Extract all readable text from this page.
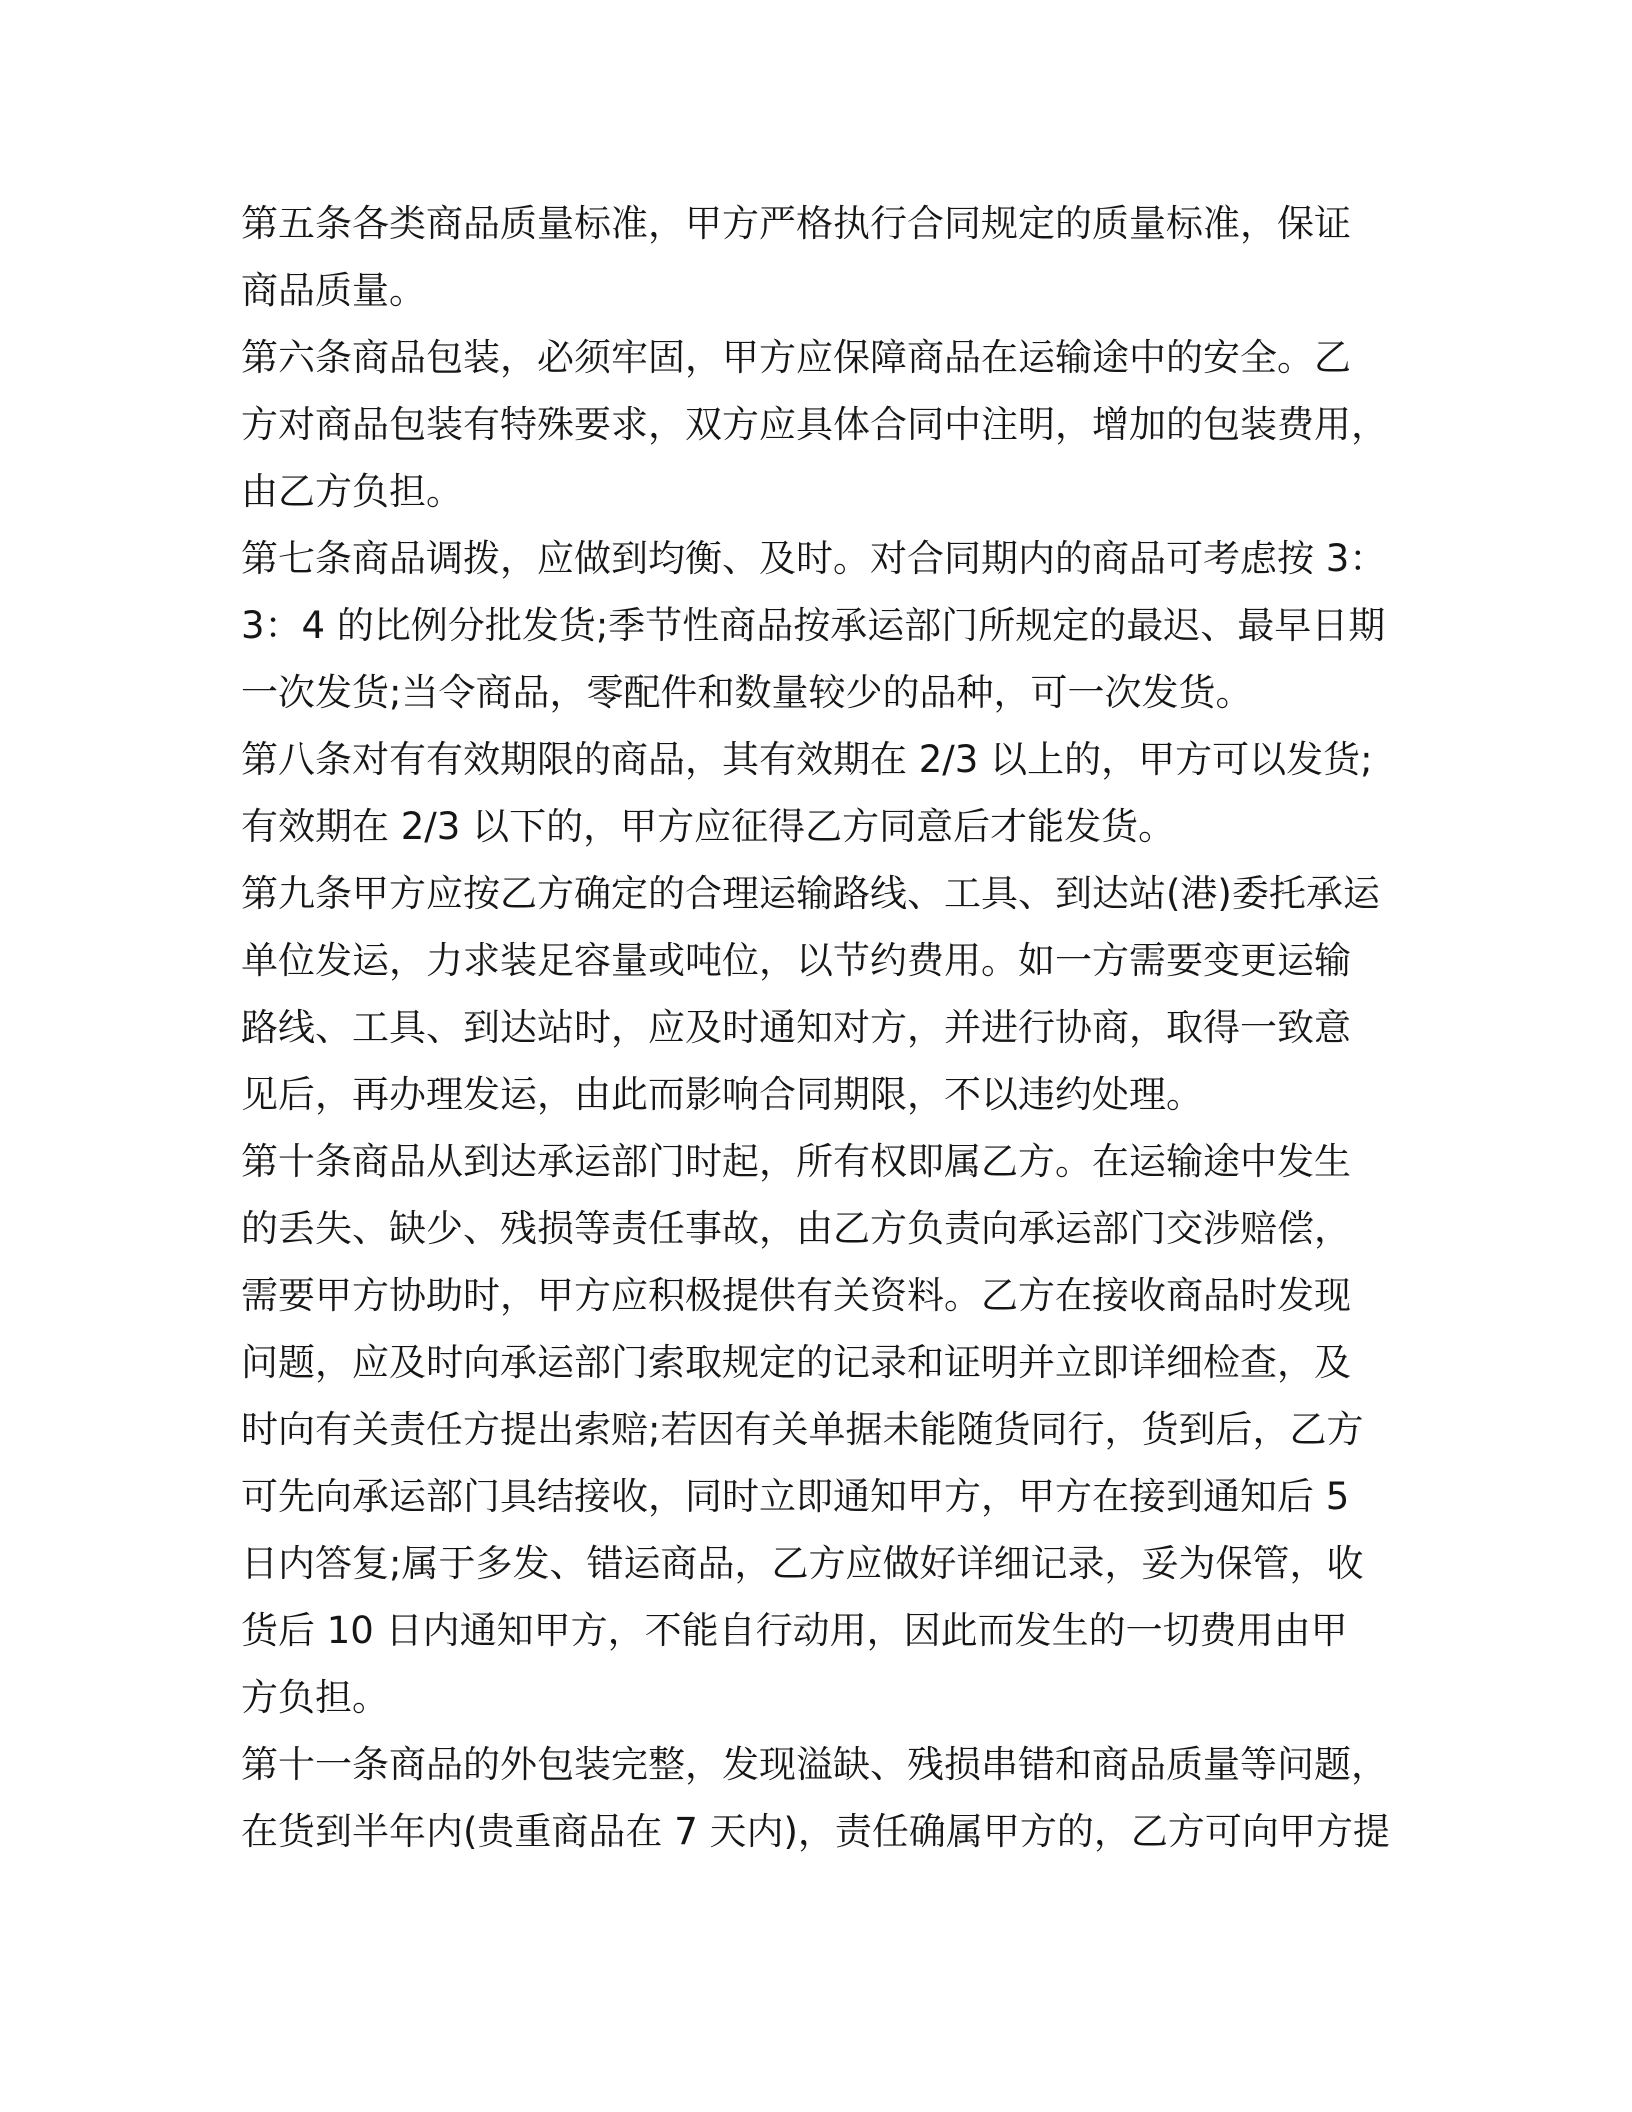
第五条各类商品质量标准，甲方严格执行合同规定的质量标准，保证
商品质量。
第六条商品包装，必须牢固，甲方应保障商品在运输途中的安全。乙
方对商品包装有特殊要求，双方应具体合同中注明，增加的包装费用，
由乙方负担。
第七条商品调拨，应做到均衡、及时。对合同期内的商品可考虑按 3：
3：4 的比例分批发货;季节性商品按承运部门所规定的最迟、最早日期
一次发货;当令商品，零配件和数量较少的品种，可一次发货。
第八条对有有效期限的商品，其有效期在 2/3 以上的，甲方可以发货;
有效期在 2/3 以下的，甲方应征得乙方同意后才能发货。
第九条甲方应按乙方确定的合理运输路线、工具、到达站(港)委托承运
单位发运，力求装足容量或吨位，以节约费用。如一方需要变更运输
路线、工具、到达站时，应及时通知对方，并进行协商，取得一致意
见后，再办理发运，由此而影响合同期限，不以违约处理。
第十条商品从到达承运部门时起，所有权即属乙方。在运输途中发生
的丢失、缺少、残损等责任事故，由乙方负责向承运部门交涉赔偿，
需要甲方协助时，甲方应积极提供有关资料。乙方在接收商品时发现
问题，应及时向承运部门索取规定的记录和证明并立即详细检查，及
时向有关责任方提出索赔;若因有关单据未能随货同行，货到后，乙方
可先向承运部门具结接收，同时立即通知甲方，甲方在接到通知后 5
日内答复;属于多发、错运商品，乙方应做好详细记录，妥为保管，收
货后 10 日内通知甲方，不能自行动用，因此而发生的一切费用由甲
方负担。
第十一条商品的外包装完整，发现溢缺、残损串错和商品质量等问题，
在货到半年内(贵重商品在 7 天内)，责任确属甲方的，乙方可向甲方提
